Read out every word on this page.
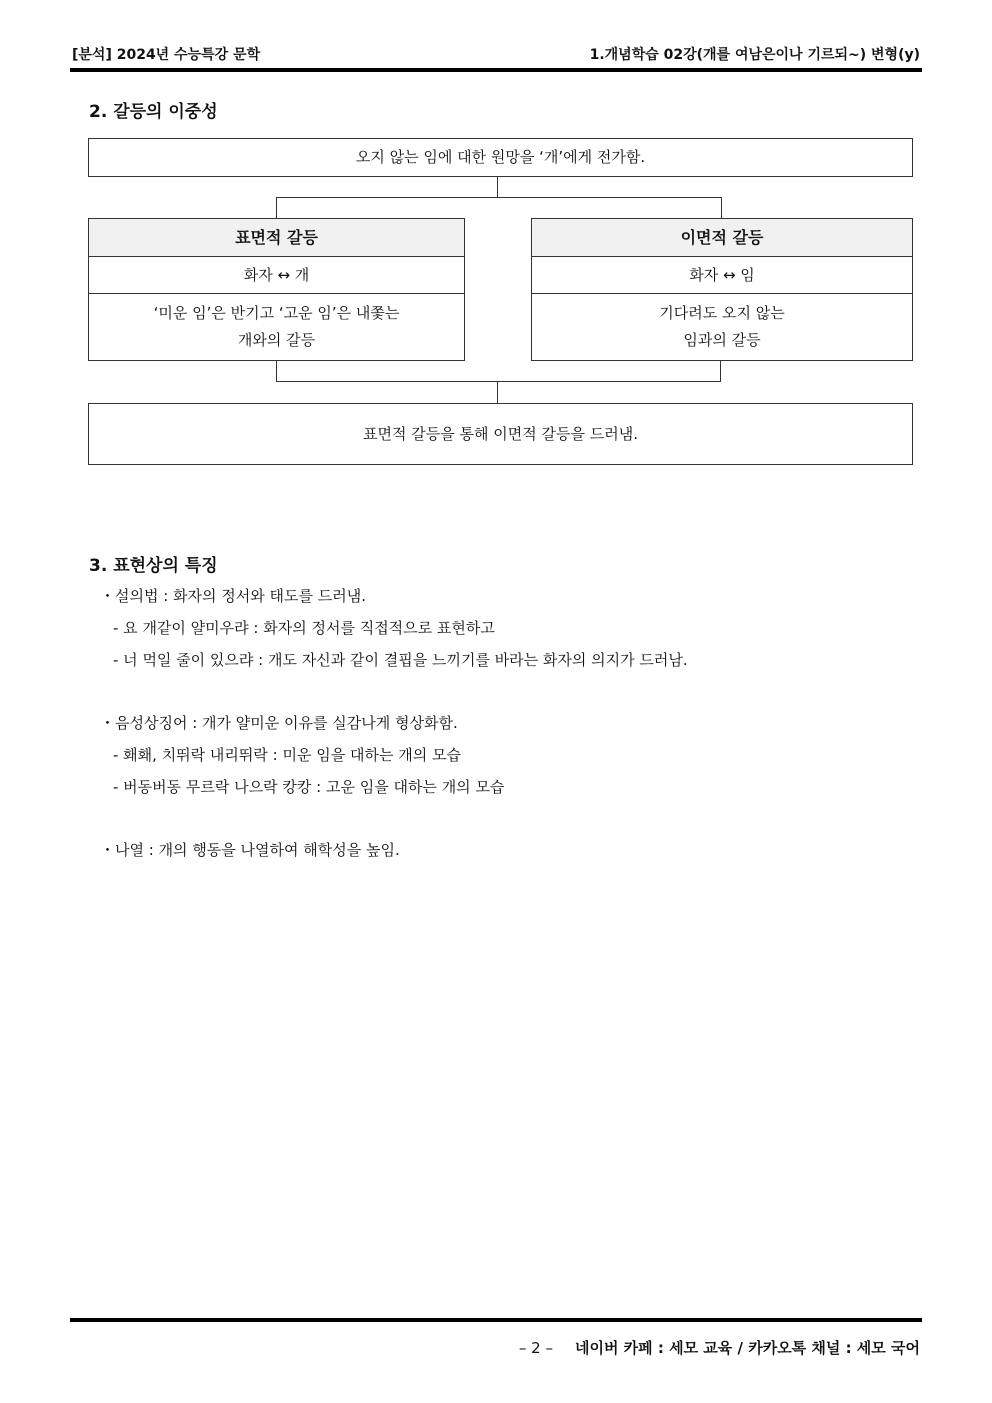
[분석] 2024년 수능특강 문학	1.개념학습 02강(개를 여남은이나 기르되~) 변형(y)
2. 갈등의 이중성
오지 않는 임에 대한 원망을 ‘개’에게 전가함.
표면적 갈등
화자 ↔ 개
‘미운 임’은 반기고 ‘고운 임’은 내쫓는
개와의 갈등
이면적 갈등
화자 ↔ 임
기다려도 오지 않는
임과의 갈등
표면적 갈등을 통해 이면적 갈등을 드러냄.
3. 표현상의 특징
・설의법 : 화자의 정서와 태도를 드러냄.
- 요 개같이 얄미우랴 : 화자의 정서를 직접적으로 표현하고
- 너 먹일 줄이 있으랴 : 개도 자신과 같이 결핍을 느끼기를 바라는 화자의 의지가 드러남.
・음성상징어 : 개가 얄미운 이유를 실감나게 형상화함.
- 홰홰, 치뛰락 내리뛰락 : 미운 임을 대하는 개의 모습
- 버동버동 무르락 나으락 캉캉 : 고운 임을 대하는 개의 모습
・나열 : 개의 행동을 나열하여 해학성을 높임.
– 2 – 네이버 카페 : 세모 교육 / 카카오톡 채널 : 세모 국어
